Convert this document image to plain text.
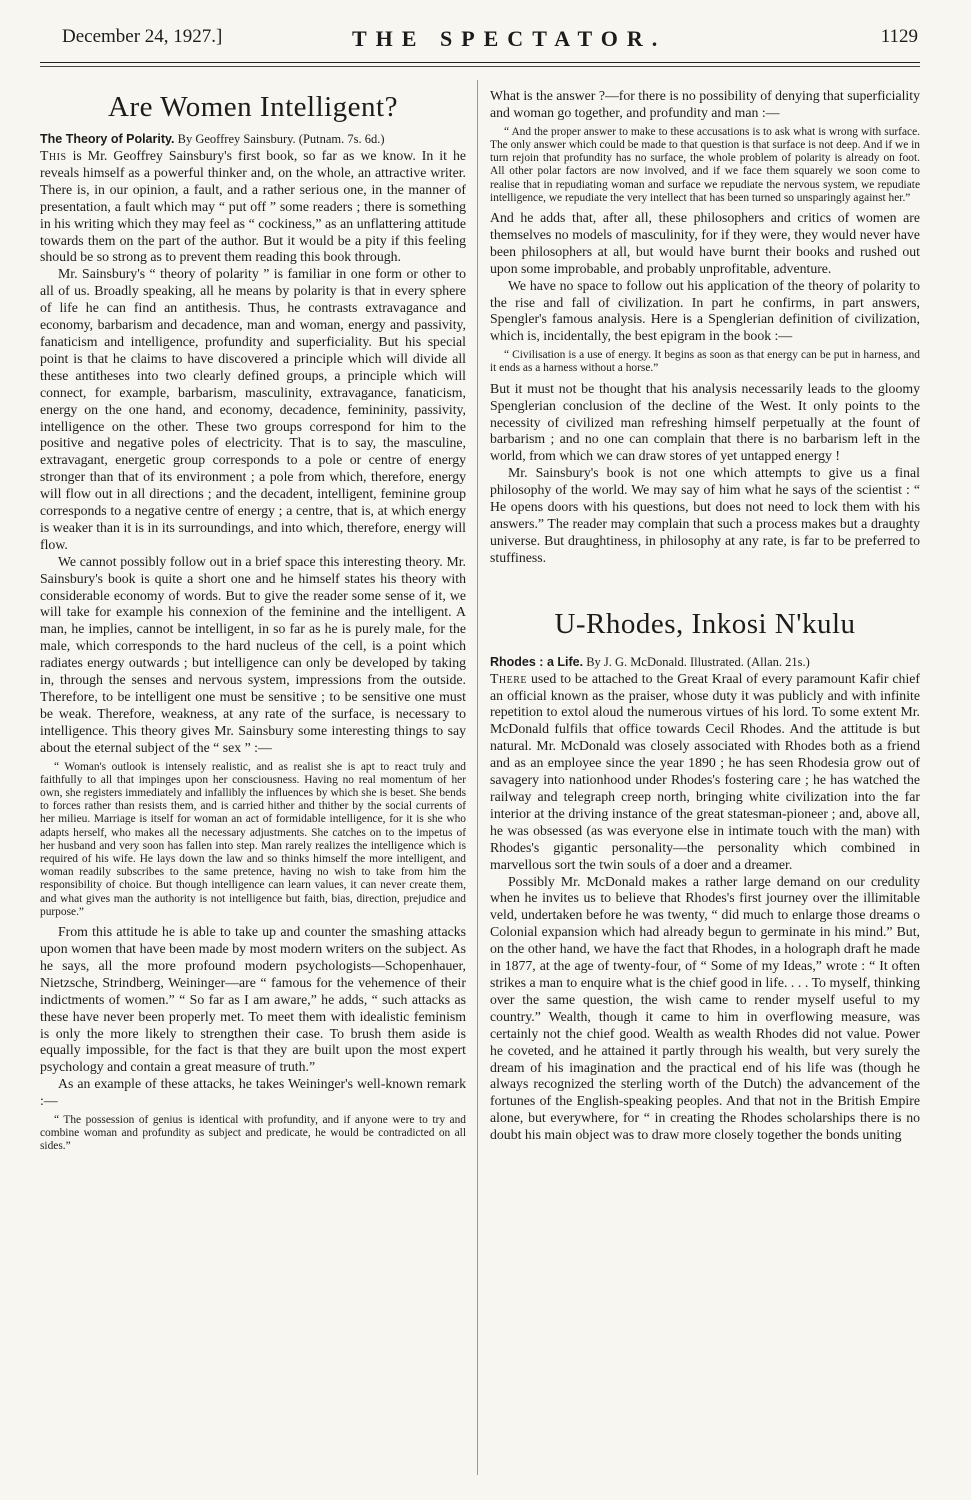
December 24, 1927.]	THE SPECTATOR.	1129
Are Women Intelligent?
The Theory of Polarity. By Geoffrey Sainsbury. (Putnam. 7s. 6d.)

This is Mr. Geoffrey Sainsbury's first book, so far as we know. In it he reveals himself as a powerful thinker and, on the whole, an attractive writer. There is, in our opinion, a fault, and a rather serious one, in the manner of presentation, a fault which may “ put off ” some readers ; there is something in his writing which they may feel as “ cockiness,” as an unflattering attitude towards them on the part of the author. But it would be a pity if this feeling should be so strong as to prevent them reading this book through.

Mr. Sainsbury's “ theory of polarity ” is familiar in one form or other to all of us. Broadly speaking, all he means by polarity is that in every sphere of life he can find an antithesis. Thus, he contrasts extravagance and economy, barbarism and decadence, man and woman, energy and passivity, fanaticism and intelligence, profundity and superficiality. But his special point is that he claims to have discovered a principle which will divide all these antitheses into two clearly defined groups, a principle which will connect, for example, barbarism, masculinity, extravagance, fanaticism, energy on the one hand, and economy, decadence, femininity, passivity, intelligence on the other. These two groups correspond for him to the positive and negative poles of electricity. That is to say, the masculine, extravagant, energetic group corresponds to a pole or centre of energy stronger than that of its environment ; a pole from which, therefore, energy will flow out in all directions ; and the decadent, intelligent, feminine group corresponds to a negative centre of energy ; a centre, that is, at which energy is weaker than it is in its surroundings, and into which, therefore, energy will flow.

We cannot possibly follow out in a brief space this interesting theory. Mr. Sainsbury's book is quite a short one and he himself states his theory with considerable economy of words. But to give the reader some sense of it, we will take for example his connexion of the feminine and the intelligent. A man, he implies, cannot be intelligent, in so far as he is purely male, for the male, which corresponds to the hard nucleus of the cell, is a point which radiates energy outwards ; but intelligence can only be developed by taking in, through the senses and nervous system, impressions from the outside. Therefore, to be intelligent one must be sensitive ; to be sensitive one must be weak. Therefore, weakness, at any rate of the surface, is necessary to intelligence. This theory gives Mr. Sainsbury some interesting things to say about the eternal subject of the “ sex ” :—

“ Woman's outlook is intensely realistic, and as realist she is apt to react truly and faithfully to all that impinges upon her consciousness. Having no real momentum of her own, she registers immediately and infallibly the influences by which she is beset. She bends to forces rather than resists them, and is carried hither and thither by the social currents of her milieu. Marriage is itself for woman an act of formidable intelligence, for it is she who adapts herself, who makes all the necessary adjustments. She catches on to the impetus of her husband and very soon has fallen into step. Man rarely realizes the intelligence which is required of his wife. He lays down the law and so thinks himself the more intelligent, and woman readily subscribes to the same pretence, having no wish to take from him the responsibility of choice. But though intelligence can learn values, it can never create them, and what gives man the authority is not intelligence but faith, bias, direction, prejudice and purpose.”

From this attitude he is able to take up and counter the smashing attacks upon women that have been made by most modern writers on the subject. As he says, all the more profound modern psychologists—Schopenhauer, Nietzsche, Strindberg, Weininger—are “ famous for the vehemence of their indictments of women.” “ So far as I am aware,” he adds, “ such attacks as these have never been properly met. To meet them with idealistic feminism is only the more likely to strengthen their case. To brush them aside is equally impossible, for the fact is that they are built upon the most expert psychology and contain a great measure of truth.”

As an example of these attacks, he takes Weininger's well-known remark :—

“ The possession of genius is identical with profundity, and if anyone were to try and combine woman and profundity as subject and predicate, he would be contradicted on all sides.”

What is the answer ?—for there is no possibility of denying that superficiality and woman go together, and profundity and man :—

“ And the proper answer to make to these accusations is to ask what is wrong with surface. The only answer which could be made to that question is that surface is not deep. And if we in turn rejoin that profundity has no surface, the whole problem of polarity is already on foot. All other polar factors are now involved, and if we face them squarely we soon come to realise that in repudiating woman and surface we repudiate the nervous system, we repudiate intelligence, we repudiate the very intellect that has been turned so unsparingly against her.”

And he adds that, after all, these philosophers and critics of women are themselves no models of masculinity, for if they were, they would never have been philosophers at all, but would have burnt their books and rushed out upon some improbable, and probably unprofitable, adventure.

We have no space to follow out his application of the theory of polarity to the rise and fall of civilization. In part he confirms, in part answers, Spengler's famous analysis. Here is a Spenglerian definition of civilization, which is, incidentally, the best epigram in the book :—

“ Civilisation is a use of energy. It begins as soon as that energy can be put in harness, and it ends as a harness without a horse.”

But it must not be thought that his analysis necessarily leads to the gloomy Spenglerian conclusion of the decline of the West. It only points to the necessity of civilized man refreshing himself perpetually at the fount of barbarism ; and no one can complain that there is no barbarism left in the world, from which we can draw stores of yet untapped energy !

Mr. Sainsbury's book is not one which attempts to give us a final philosophy of the world. We may say of him what he says of the scientist : “ He opens doors with his questions, but does not need to lock them with his answers.” The reader may complain that such a process makes but a draughty universe. But draughtiness, in philosophy at any rate, is far to be preferred to stuffiness.

U-Rhodes, Inkosi N'kulu
Rhodes : a Life. By J. G. McDonald. Illustrated. (Allan. 21s.)

There used to be attached to the Great Kraal of every paramount Kafir chief an official known as the praiser, whose duty it was publicly and with infinite repetition to extol aloud the numerous virtues of his lord. To some extent Mr. McDonald fulfils that office towards Cecil Rhodes. And the attitude is but natural. Mr. McDonald was closely associated with Rhodes both as a friend and as an employee since the year 1890 ; he has seen Rhodesia grow out of savagery into nationhood under Rhodes's fostering care ; he has watched the railway and telegraph creep north, bringing white civilization into the far interior at the driving instance of the great statesman-pioneer ; and, above all, he was obsessed (as was everyone else in intimate touch with the man) with Rhodes's gigantic personality—the personality which combined in marvellous sort the twin souls of a doer and a dreamer.

Possibly Mr. McDonald makes a rather large demand on our credulity when he invites us to believe that Rhodes's first journey over the illimitable veld, undertaken before he was twenty, “ did much to enlarge those dreams o Colonial expansion which had already begun to germinate in his mind.” But, on the other hand, we have the fact that Rhodes, in a holograph draft he made in 1877, at the age of twenty-four, of “ Some of my Ideas,” wrote : “ It often strikes a man to enquire what is the chief good in life. . . . To myself, thinking over the same question, the wish came to render myself useful to my country.” Wealth, though it came to him in overflowing measure, was certainly not the chief good. Wealth as wealth Rhodes did not value. Power he coveted, and he attained it partly through his wealth, but very surely the dream of his imagination and the practical end of his life was (though he always recognized the sterling worth of the Dutch) the advancement of the fortunes of the English-speaking peoples. And that not in the British Empire alone, but everywhere, for “ in creating the Rhodes scholarships there is no doubt his main object was to draw more closely together the bonds uniting
